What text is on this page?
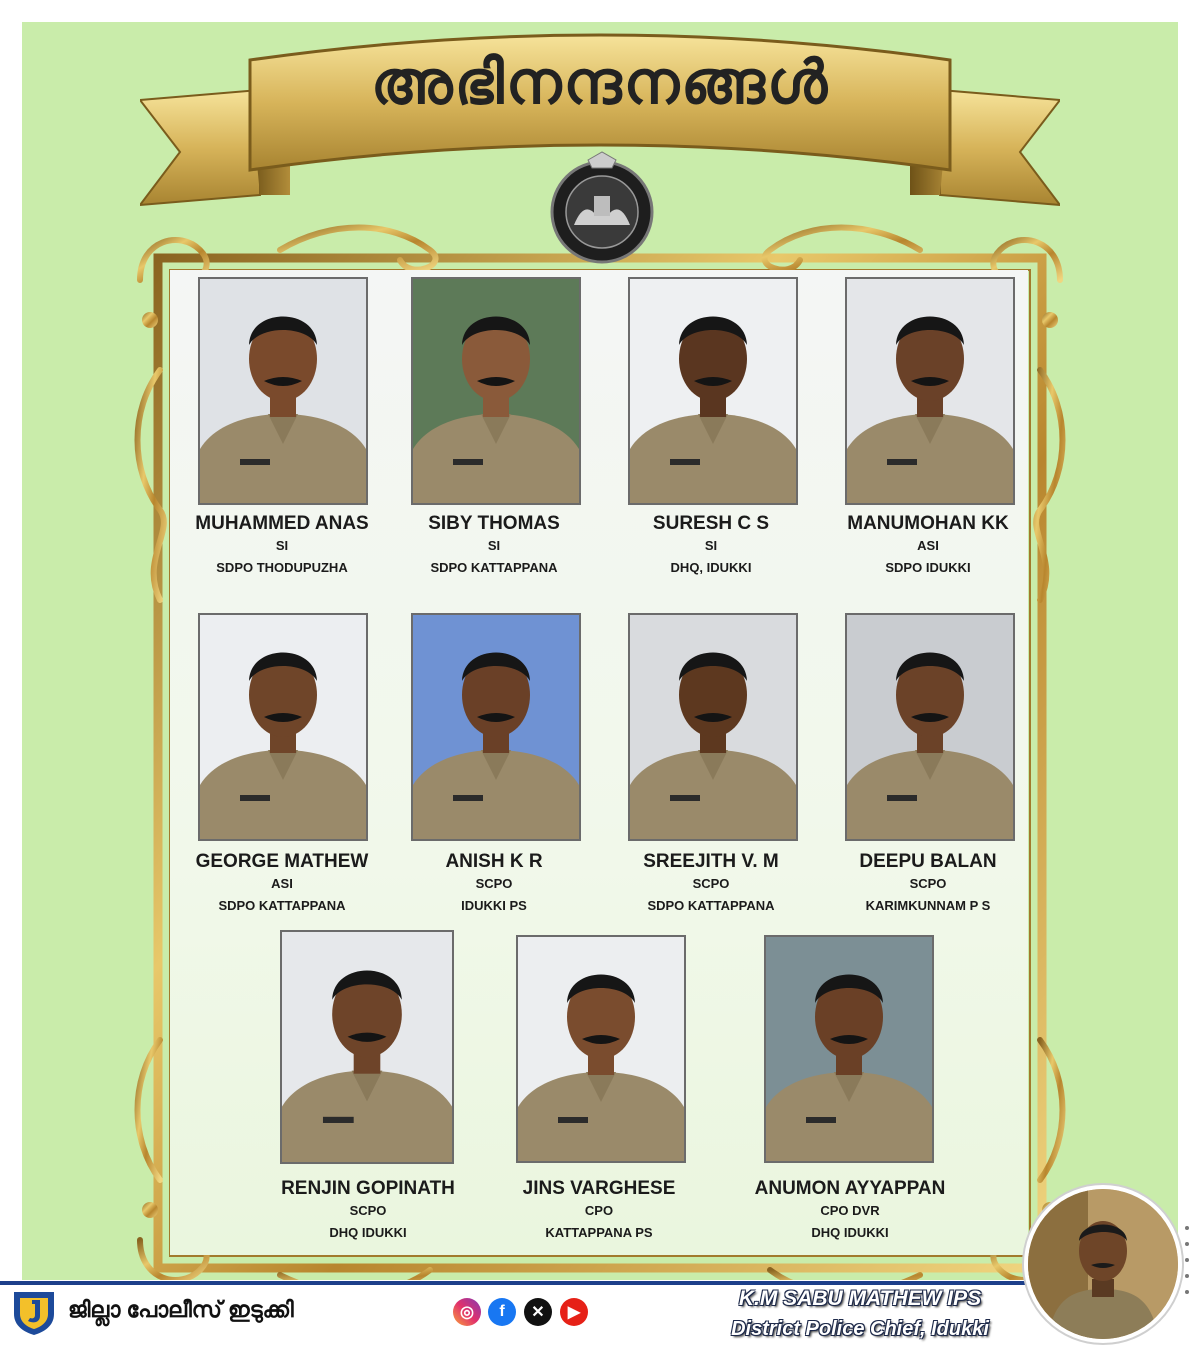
അഭിനന്ദനങ്ങൾ
MUHAMMED ANAS
SI
SDPO THODUPUZHA
SIBY THOMAS
SI
SDPO KATTAPPANA
SURESH C S
SI
DHQ, IDUKKI
MANUMOHAN KK
ASI
SDPO IDUKKI
GEORGE MATHEW
ASI
SDPO KATTAPPANA
ANISH K R
SCPO
IDUKKI PS
SREEJITH V. M
SCPO
SDPO KATTAPPANA
DEEPU BALAN
SCPO
KARIMKUNNAM P S
RENJIN GOPINATH
SCPO
DHQ IDUKKI
JINS VARGHESE
CPO
KATTAPPANA PS
ANUMON AYYAPPAN
CPO DVR
DHQ IDUKKI
ജില്ലാ പോലീസ് ഇടുക്കി	◎	f	✕	▶
K.M SABU MATHEW IPS
District Police Chief, Idukki
